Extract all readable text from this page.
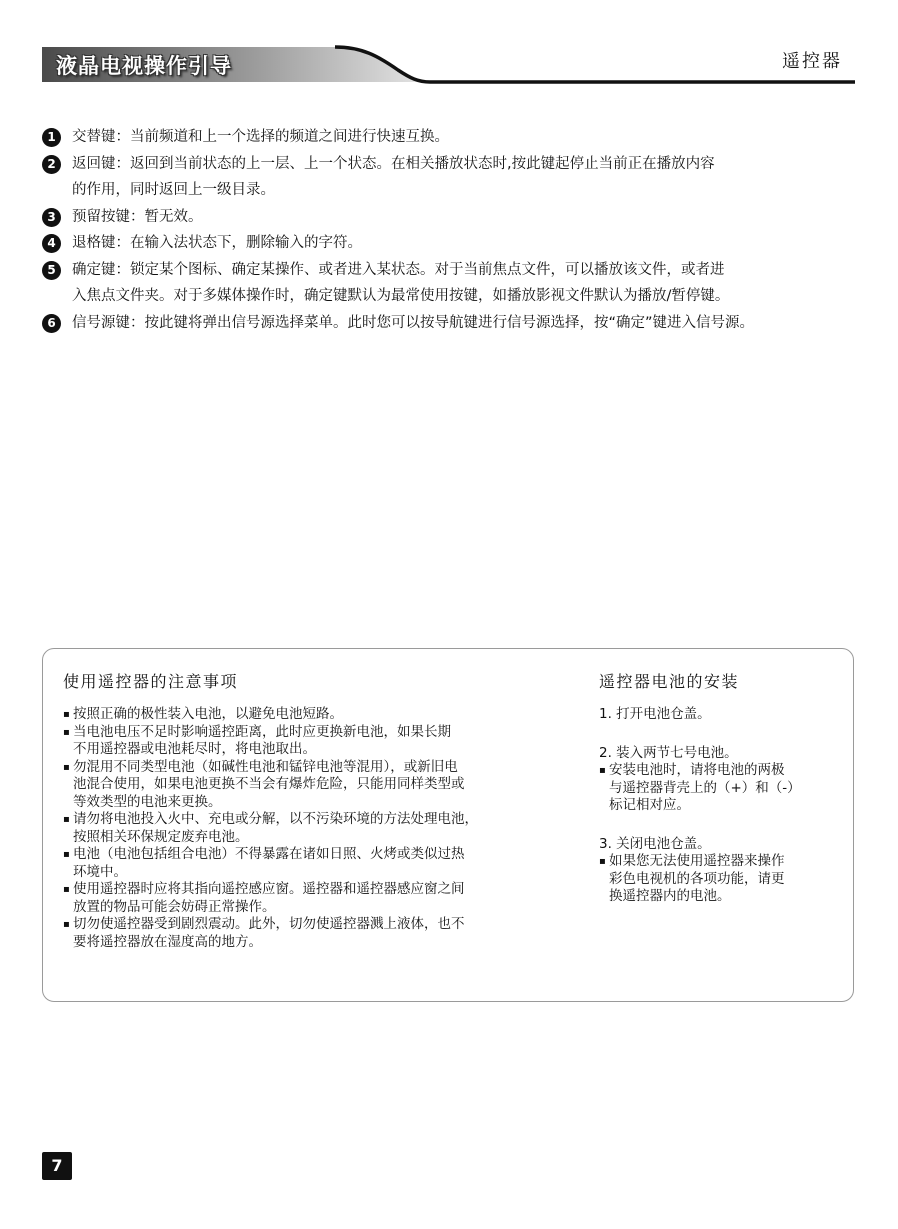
液晶电视操作引导	遥控器
1	交替键：当前频道和上一个选择的频道之间进行快速互换。
2	返回键：返回到当前状态的上一层、上一个状态。在相关播放状态时,按此键起停止当前正在播放内容
的作用，同时返回上一级目录。
3	预留按键：暂无效。
4	退格键：在输入法状态下，删除输入的字符。
5	确定键：锁定某个图标、确定某操作、或者进入某状态。对于当前焦点文件，可以播放该文件，或者进
入焦点文件夹。对于多媒体操作时，确定键默认为最常使用按键，如播放影视文件默认为播放/暂停键。
6	信号源键：按此键将弹出信号源选择菜单。此时您可以按导航键进行信号源选择，按“确定”键进入信号源。
使用遥控器的注意事项
▪ 按照正确的极性装入电池，以避免电池短路。
▪ 当电池电压不足时影响遥控距离，此时应更换新电池，如果长期
不用遥控器或电池耗尽时，将电池取出。
▪ 勿混用不同类型电池（如碱性电池和锰锌电池等混用），或新旧电
池混合使用，如果电池更换不当会有爆炸危险，只能用同样类型或
等效类型的电池来更换。
▪ 请勿将电池投入火中、充电或分解，以不污染环境的方法处理电池，
按照相关环保规定废弃电池。
▪ 电池（电池包括组合电池）不得暴露在诸如日照、火烤或类似过热
环境中。
▪ 使用遥控器时应将其指向遥控感应窗。遥控器和遥控器感应窗之间
放置的物品可能会妨碍正常操作。
▪ 切勿使遥控器受到剧烈震动。此外，切勿使遥控器溅上液体，也不
要将遥控器放在湿度高的地方。
遥控器电池的安装
1. 打开电池仓盖。
2. 装入两节七号电池。
▪ 安装电池时，请将电池的两极
与遥控器背壳上的（+）和（-）
标记相对应。
3. 关闭电池仓盖。
▪ 如果您无法使用遥控器来操作
彩色电视机的各项功能，请更
换遥控器内的电池。
7
